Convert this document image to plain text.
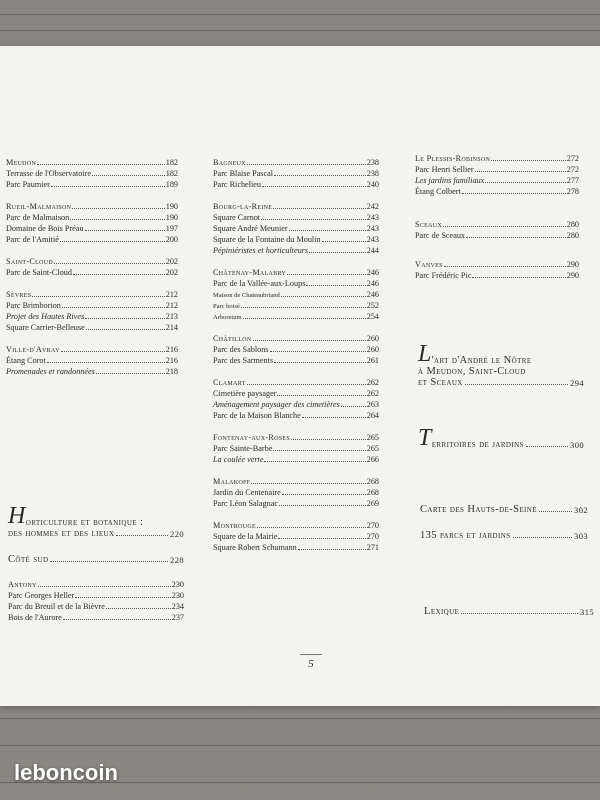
Meudon	182
Terrasse de l'Observatoire	182
Parc Paumier	189
Rueil-Malmaison	190
Parc de Malmaison	190
Domaine de Bois Préau	197
Parc de l'Amitié	200
Saint-Cloud	202
Parc de Saint-Cloud	202
Sèvres	212
Parc Brimborion	212
Projet des Hautes Rives	213
Square Carrier-Belleuse	214
Ville-d'Avray	216
Étang Corot	216
Promenades et randonnées	218
Bagneux	238
Parc Blaise Pascal	238
Parc Richelieu	240
Bourg-la-Reine	242
Square Carnot	243
Square André Meunier	243
Square de la Fontaine du Moulin	243
Pépiniéristes et horticulteurs	244
Châtenay-Malabry	246
Parc de la Vallée-aux-Loups	246
Maison de Chateaubriand	246
Parc boisé	252
Arboretum	254
Châtillon	260
Parc des Sablons	260
Parc des Sarments	261
Clamart	262
Cimetière paysager	262
Aménagement paysager des cimetières	263
Parc de la Maison Blanche	264
Fontenay-aux-Roses	265
Parc Sainte-Barbe	265
La coulée verte	266
Malakoff	268
Jardin du Centenaire	268
Parc Léon Salagnac	269
Montrouge	270
Square de la Mairie	270
Square Robert Schumann	271
Le Plessis-Robinson	272
Parc Henri Sellier	272
Les jardins familiaux	277
Étang Colbert	278
Sceaux	280
Parc de Sceaux	280
Vanves	290
Parc Frédéric Pic	290
H orticulture et botanique :
des hommes et des lieux	220
Côté sud	228
Antony	230
Parc Georges Heller	230
Parc du Breuil et de la Bièvre	234
Bois de l'Aurore	237
L 'art d'André le Nôtre
à Meudon, Saint-Cloud
et Sceaux	294
T erritoires de jardins	300
Carte des Hauts-de-Seine	302
135 parcs et jardins	303
Lexique	315
5
leboncoin
